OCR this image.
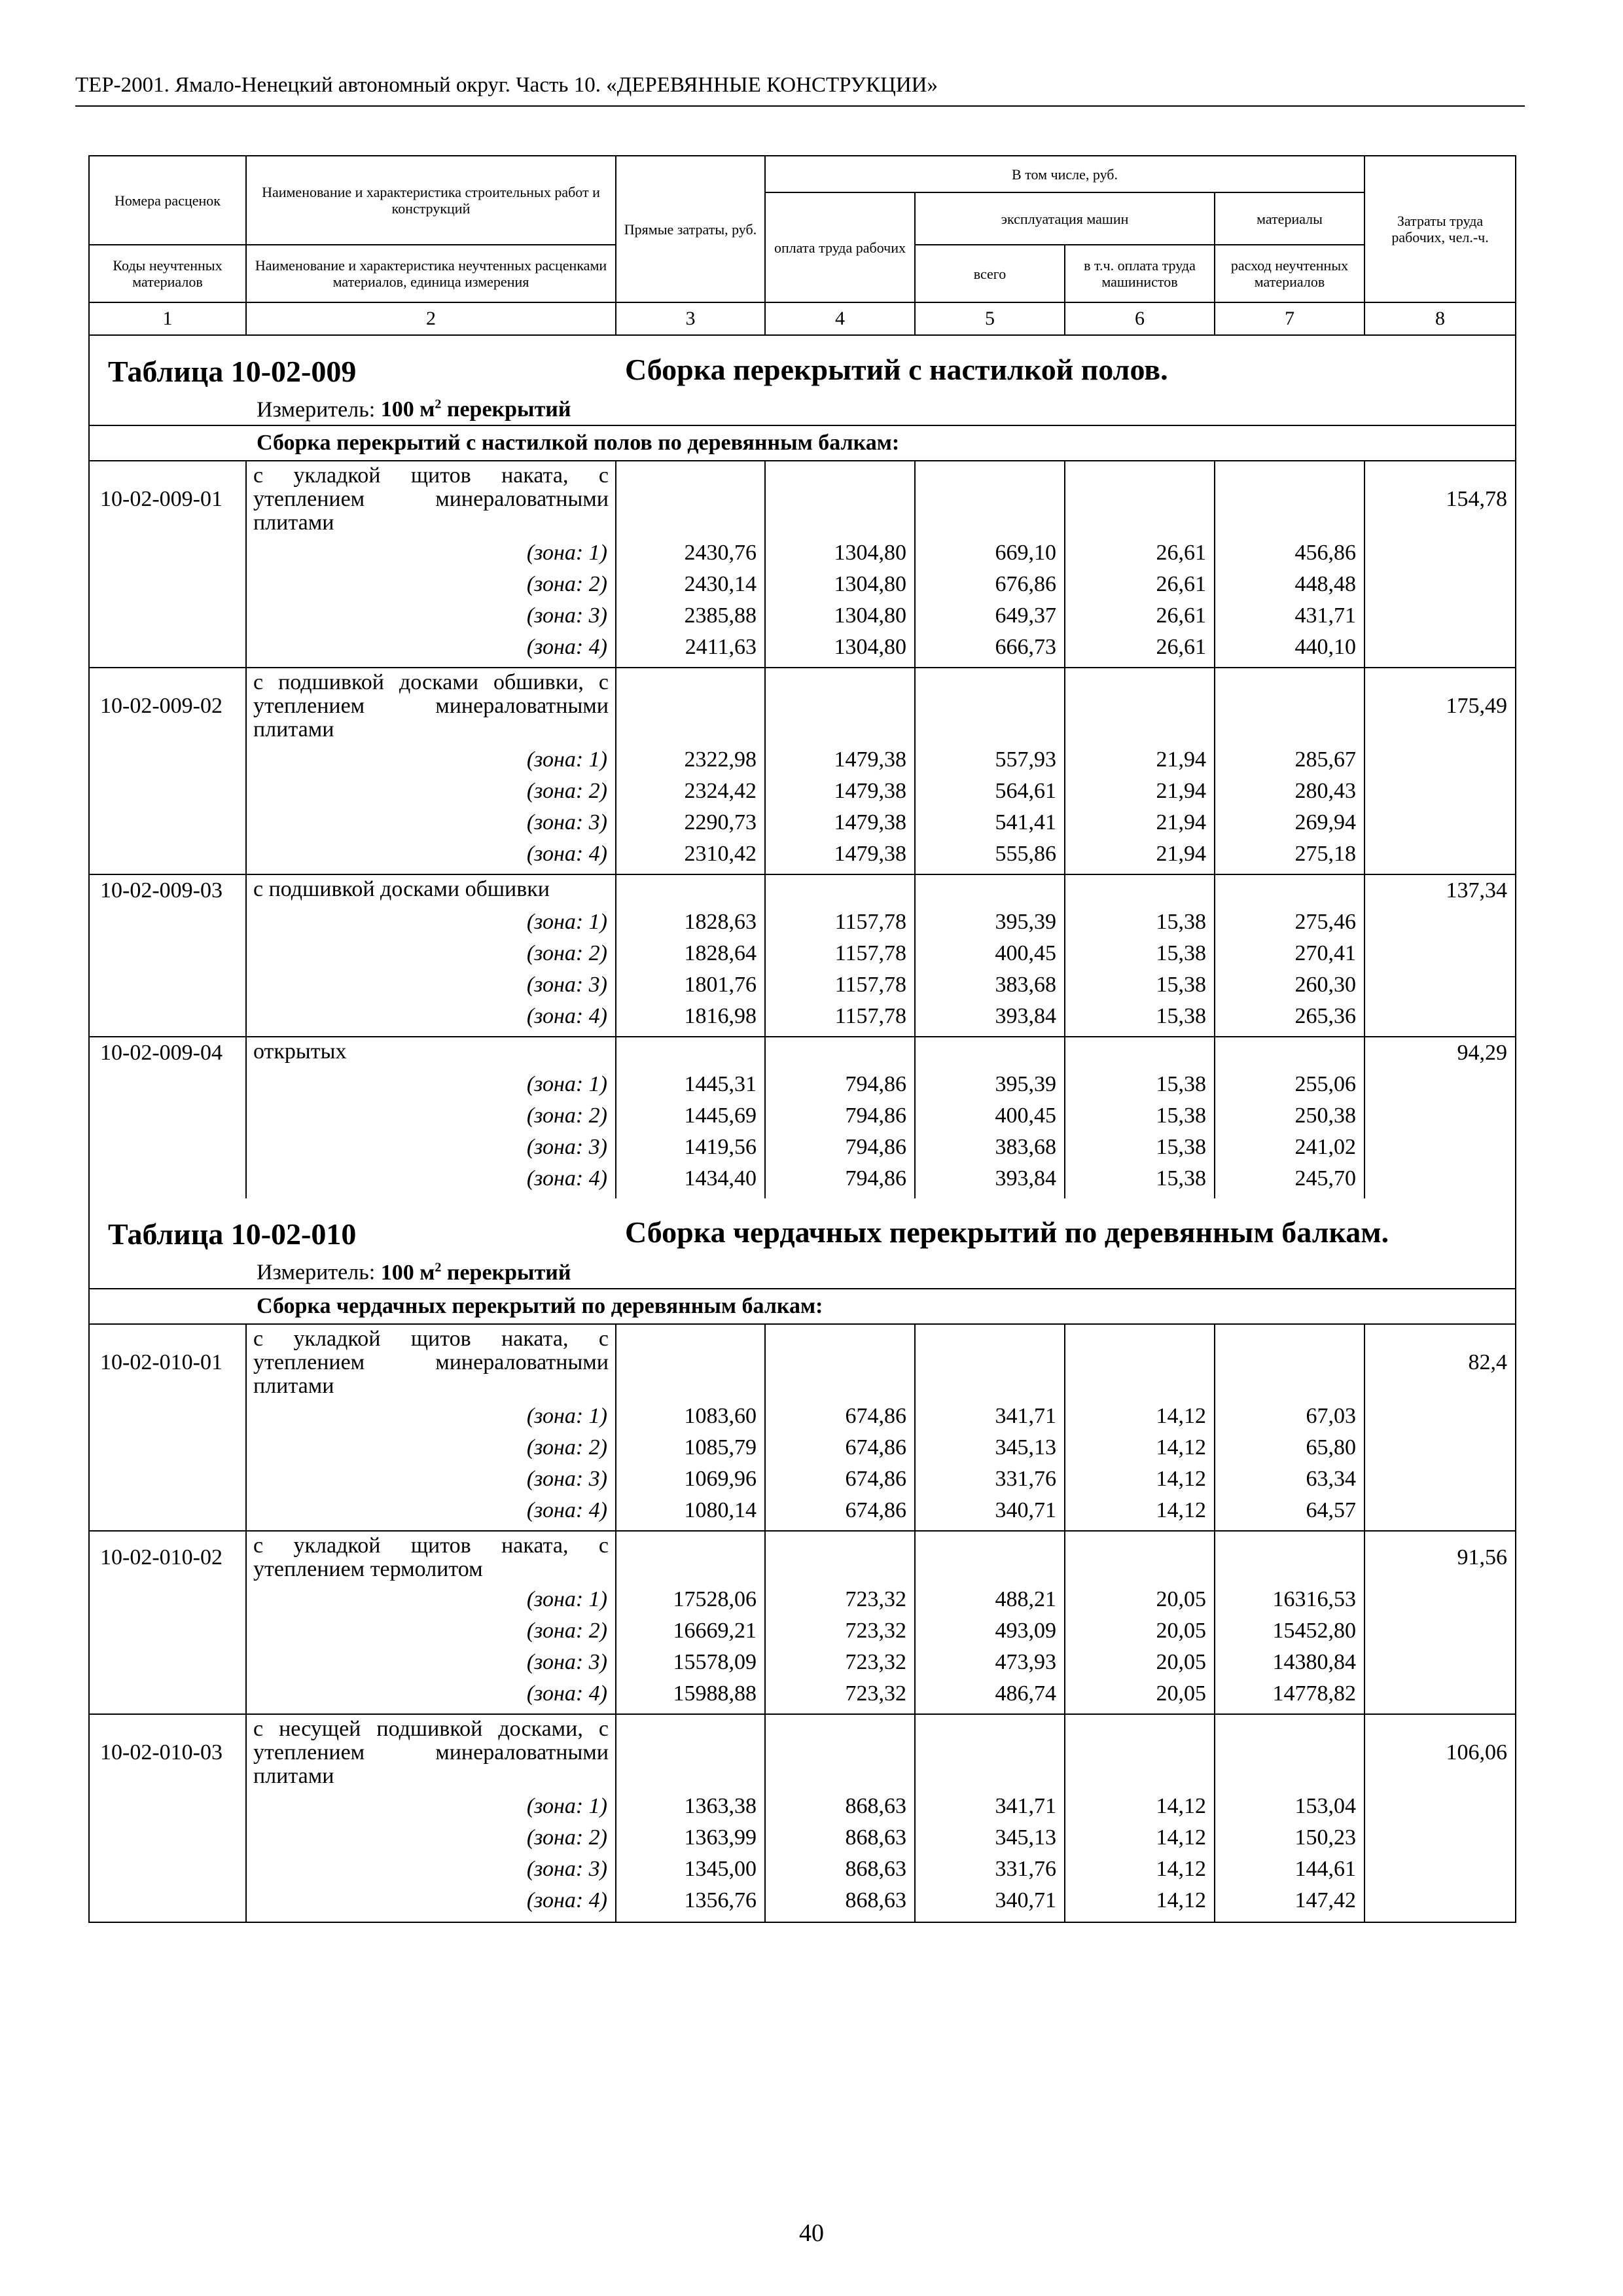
ТЕР-2001. Ямало-Ненецкий автономный округ. Часть 10. «ДЕРЕВЯННЫЕ КОНСТРУКЦИИ»
Номера расценок	Наименование и характеристика строительных работ и конструкций	Прямые затраты, руб.	В том числе, руб.				Затраты труда рабочих, чел.-ч.
			оплата труда рабочих	эксплуатация машин		материалы	

Коды неучтенных материалов	Наименование и характеристика неучтенных расценками материалов, единица измерения			всего	в т.ч. оплата труда машинистов	расход неучтенных материалов	
1	2	3	4	5	6	7	8
Таблица 10-02-009 Сборка перекрытий с настилкой полов.							

Измеритель: 100 $м^2$ перекрытий							

Сборка перекрытий с настилкой полов по деревянным балкам:							
10-02-009-01	с укладкой щитов наката, с утеплением минераловатными плитами						154,78
	(зона: 1)	2430,76	1304,80	669,10	26,61	456,86	
	(зона: 2)	2430,14	1304,80	676,86	26,61	448,48	
	(зона: 3)	2385,88	1304,80	649,37	26,61	431,71	
	(зона: 4)	2411,63	1304,80	666,73	26,61	440,10	
10-02-009-02	с подшивкой досками обшивки, с утеплением минераловатными плитами						175,49
	(зона: 1)	2322,98	1479,38	557,93	21,94	285,67	
	(зона: 2)	2324,42	1479,38	564,61	21,94	280,43	
	(зона: 3)	2290,73	1479,38	541,41	21,94	269,94	
	(зона: 4)	2310,42	1479,38	555,86	21,94	275,18	
10-02-009-03	с подшивкой досками обшивки						137,34
	(зона: 1)	1828,63	1157,78	395,39	15,38	275,46	
	(зона: 2)	1828,64	1157,78	400,45	15,38	270,41	
	(зона: 3)	1801,76	1157,78	383,68	15,38	260,30	
	(зона: 4)	1816,98	1157,78	393,84	15,38	265,36	
10-02-009-04	открытых						94,29
	(зона: 1)	1445,31	794,86	395,39	15,38	255,06	
	(зона: 2)	1445,69	794,86	400,45	15,38	250,38	
	(зона: 3)	1419,56	794,86	383,68	15,38	241,02	
	(зона: 4)	1434,40	794,86	393,84	15,38	245,70	
Таблица 10-02-010 Сборка чердачных перекрытий по деревянным балкам.							

Измеритель: 100 $м^2$ перекрытий							

Сборка чердачных перекрытий по деревянным балкам:							
10-02-010-01	с укладкой щитов наката, с утеплением минераловатными плитами						82,4
	(зона: 1)	1083,60	674,86	341,71	14,12	67,03	
	(зона: 2)	1085,79	674,86	345,13	14,12	65,80	
	(зона: 3)	1069,96	674,86	331,76	14,12	63,34	
	(зона: 4)	1080,14	674,86	340,71	14,12	64,57	
10-02-010-02	с укладкой щитов наката, с утеплением термолитом						91,56
	(зона: 1)	17528,06	723,32	488,21	20,05	16316,53	
	(зона: 2)	16669,21	723,32	493,09	20,05	15452,80	
	(зона: 3)	15578,09	723,32	473,93	20,05	14380,84	
	(зона: 4)	15988,88	723,32	486,74	20,05	14778,82	
10-02-010-03	с несущей подшивкой досками, с утеплением минераловатными плитами						106,06
	(зона: 1)	1363,38	868,63	341,71	14,12	153,04	
	(зона: 2)	1363,99	868,63	345,13	14,12	150,23	
	(зона: 3)	1345,00	868,63	331,76	14,12	144,61	
	(зона: 4)	1356,76	868,63	340,71	14,12	147,42	
40
